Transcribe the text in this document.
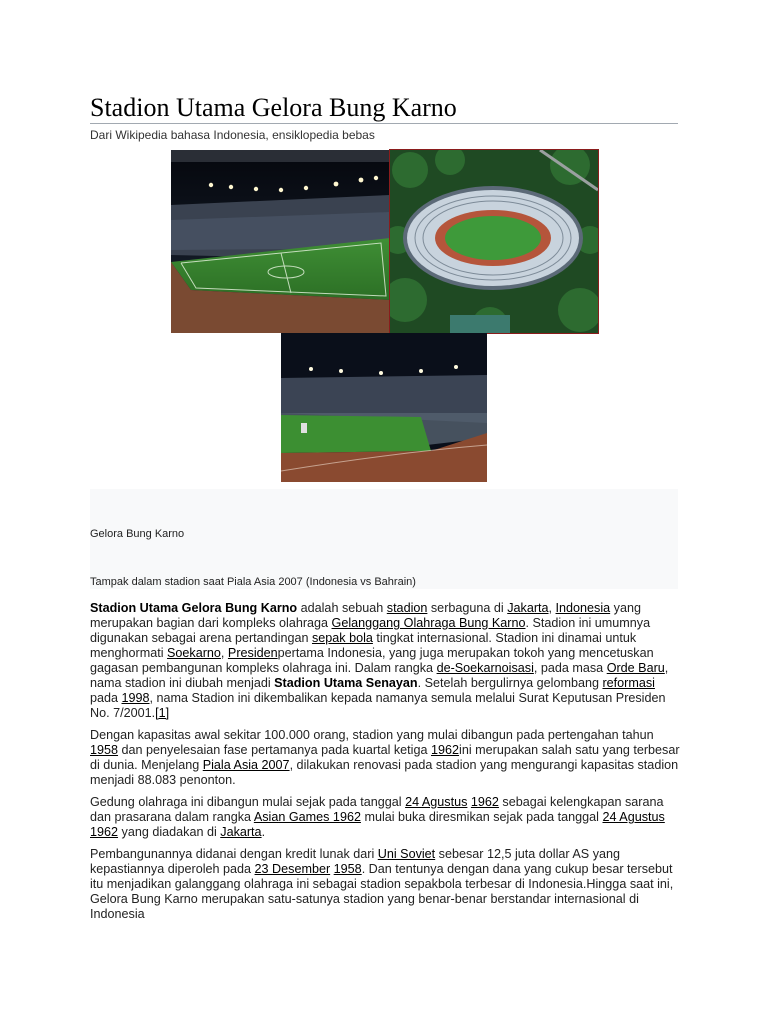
Stadion Utama Gelora Bung Karno
Dari Wikipedia bahasa Indonesia, ensiklopedia bebas
Gelora Bung Karno
Tampak dalam stadion saat Piala Asia 2007 (Indonesia vs Bahrain)

Stadion Utama Gelora Bung Karno adalah sebuah stadion serbaguna di Jakarta, Indonesia yang merupakan bagian dari kompleks olahraga Gelanggang Olahraga Bung Karno. Stadion ini umumnya digunakan sebagai arena pertandingan sepak bola tingkat internasional. Stadion ini dinamai untuk menghormati Soekarno, Presidenpertama Indonesia, yang juga merupakan tokoh yang mencetuskan gagasan pembangunan kompleks olahraga ini. Dalam rangka de-Soekarnoisasi, pada masa Orde Baru, nama stadion ini diubah menjadi Stadion Utama Senayan. Setelah bergulirnya gelombang reformasi pada 1998, nama Stadion ini dikembalikan kepada namanya semula melalui Surat Keputusan Presiden No. 7/2001.[1]

Dengan kapasitas awal sekitar 100.000 orang, stadion yang mulai dibangun pada pertengahan tahun 1958 dan penyelesaian fase pertamanya pada kuartal ketiga 1962ini merupakan salah satu yang terbesar di dunia. Menjelang Piala Asia 2007, dilakukan renovasi pada stadion yang mengurangi kapasitas stadion menjadi 88.083 penonton.

Gedung olahraga ini dibangun mulai sejak pada tanggal 24 Agustus 1962 sebagai kelengkapan sarana dan prasarana dalam rangka Asian Games 1962 mulai buka diresmikan sejak pada tanggal 24 Agustus 1962 yang diadakan di Jakarta.

Pembangunannya didanai dengan kredit lunak dari Uni Soviet sebesar 12,5 juta dollar AS yang kepastiannya diperoleh pada 23 Desember 1958. Dan tentunya dengan dana yang cukup besar tersebut itu menjadikan galanggang olahraga ini sebagai stadion sepakbola terbesar di Indonesia.Hingga saat ini, Gelora Bung Karno merupakan satu-satunya stadion yang benar-benar berstandar internasional di Indonesia
